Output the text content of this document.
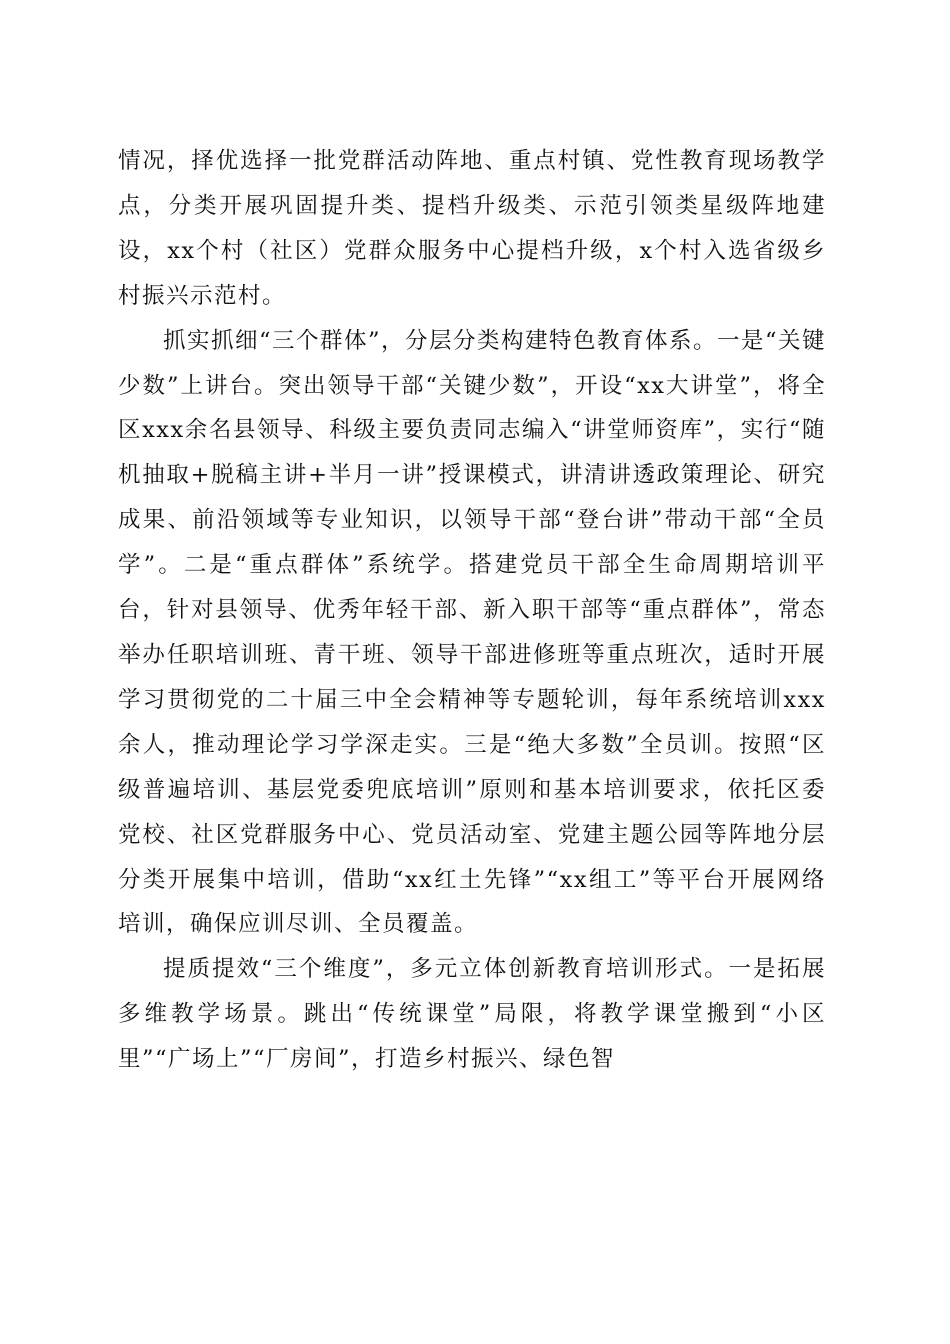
情况，择优选择一批党群活动阵地、重点村镇、党性教育现场教学点，分类开展巩固提升类、提档升级类、示范引领类星级阵地建设，xx个村（社区）党群众服务中心提档升级，x个村入选省级乡村振兴示范村。

抓实抓细“三个群体”，分层分类构建特色教育体系。一是“关键少数”上讲台。突出领导干部“关键少数”，开设“xx大讲堂”，将全区xxx余名县领导、科级主要负责同志编入“讲堂师资库”，实行“随机抽取+脱稿主讲+半月一讲”授课模式，讲清讲透政策理论、研究成果、前沿领域等专业知识，以领导干部“登台讲”带动干部“全员学”。二是“重点群体”系统学。搭建党员干部全生命周期培训平台，针对县领导、优秀年轻干部、新入职干部等“重点群体”，常态举办任职培训班、青干班、领导干部进修班等重点班次，适时开展学习贯彻党的二十届三中全会精神等专题轮训，每年系统培训xxx余人，推动理论学习学深走实。三是“绝大多数”全员训。按照“区级普遍培训、基层党委兜底培训”原则和基本培训要求，依托区委党校、社区党群服务中心、党员活动室、党建主题公园等阵地分层分类开展集中培训，借助“xx红土先锋”“xx组工”等平台开展网络培训，确保应训尽训、全员覆盖。

提质提效“三个维度”，多元立体创新教育培训形式。一是拓展多维教学场景。跳出“传统课堂”局限，将教学课堂搬到“小区里”“广场上”“厂房间”，打造乡村振兴、绿色智
